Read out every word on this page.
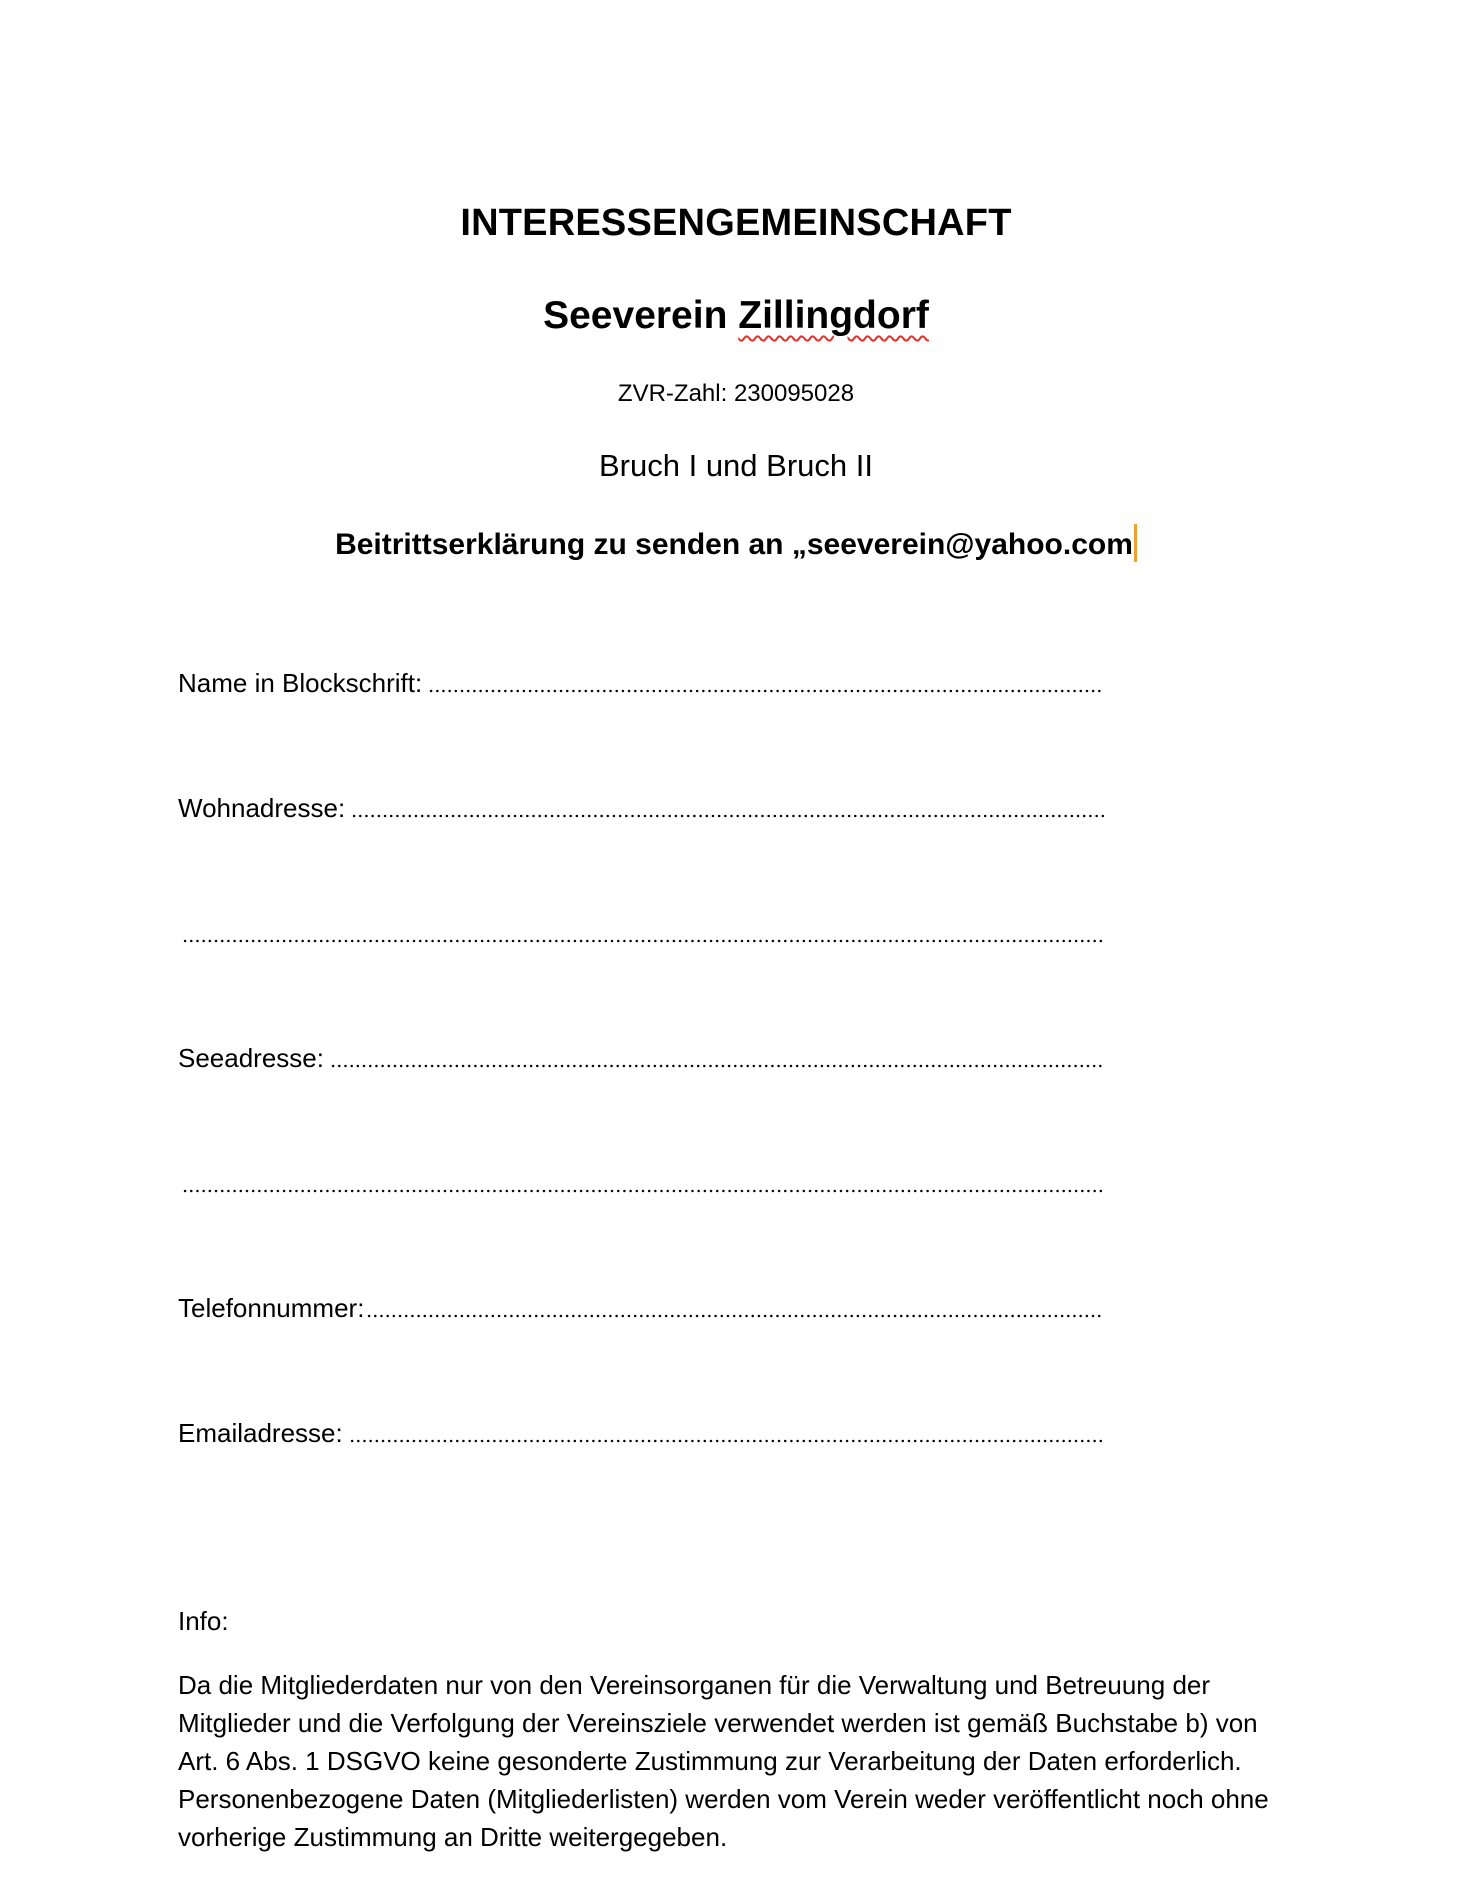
INTERESSENGEMEINSCHAFT
Seeverein Zillingdorf
ZVR-Zahl: 230095028
Bruch I und Bruch II
Beitrittserklärung zu senden an „seeverein@yahoo.com
Name in Blockschrift:
Wohnadresse:
Seeadresse:
Telefonnummer:
Emailadresse:
Info:
Da die Mitgliederdaten nur von den Vereinsorganen für die Verwaltung und Betreuung der Mitglieder und die Verfolgung der Vereinsziele verwendet werden ist gemäß Buchstabe b) von Art. 6 Abs. 1 DSGVO keine gesonderte Zustimmung zur Verarbeitung der Daten erforderlich. Personenbezogene Daten (Mitgliederlisten) werden vom Verein weder veröffentlicht noch ohne vorherige Zustimmung an Dritte weitergegeben.
